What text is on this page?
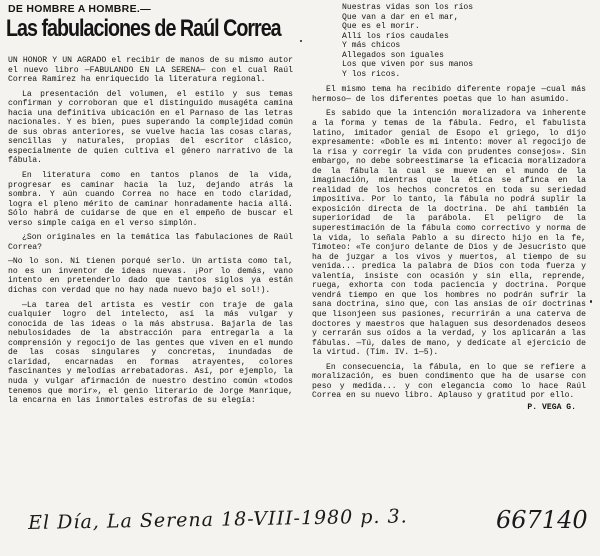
DE HOMBRE A HOMBRE.—
Las fabulaciones de Raúl Correa

UN HONOR Y UN AGRADO el recibir de manos de su mismo autor el nuevo libro —FABULANDO EN LA SERENA— con el cual Raúl Correa Ramírez ha enriquecido la literatura regional.

La presentación del volumen, el estilo y sus temas confirman y corroboran que el distinguido musagéta camina hacia una definitiva ubicación en el Parnaso de las letras nacionales. Y es bien, pues superando la complejidad común de sus obras anteriores, se vuelve hacia las cosas claras, sencillas y naturales, propias del escritor clásico, especialmente de quien cultiva el género narrativo de la fábula.

En literatura como en tantos planos de la vida, progresar es caminar hacia la luz, dejando atrás la sombra. Y aún cuando Correa no hace en todo claridad, logra el pleno mérito de caminar honradamente hacia allá. Sólo habrá de cuidarse de que en el empeño de buscar el verso simple caiga en el verso simplón.

¿Son originales en la temática las fabulaciones de Raúl Correa?

—No lo son. Ni tienen porqué serlo. Un artista como tal, no es un inventor de ideas nuevas. ¡Por lo demás, vano intento en pretenderlo dado que tantos siglos ya están dichas con verdad que no hay nada nuevo bajo el sol!).

—La tarea del artista es vestir con traje de gala cualquier logro del intelecto, así la más vulgar y conocida de las ideas o la más abstrusa. Bajarla de las nebulosidades de la abstracción para entregarla a la comprensión y regocijo de las gentes que viven en el mundo de las cosas singulares y concretas, inundadas de claridad, encarnadas en formas atrayentes, colores fascinantes y melodías arrebatadoras. Así, por ejemplo, la nuda y vulgar afirmación de nuestro destino común «todos tenemos que morir», el genio literario de Jorge Manrique, la encarna en las inmortales estrofas de su elegía:

Nuestras vidas son los ríos
Que van a dar en el mar,
Que es el morir.
Allí los ríos caudales
Y más chicos
Allegados son iguales
Los que viven por sus manos
Y los ricos.

El mismo tema ha recibido diferente ropaje —cual más hermoso— de los diferentes poetas que lo han asumido.

Es sabido que la intención moralizadora va inherente a la forma y temas de la fábula. Fedro, el fabulista latino, imitador genial de Esopo el griego, lo dijo expresamente: «Doble es mi intento: mover al regocijo de la risa y corregir la vida con prudentes consejos». Sin embargo, no debe sobreestimarse la eficacia moralizadora de la fábula la cual se mueve en el mundo de la imaginación, mientras que la ética se afinca en la realidad de los hechos concretos en toda su seriedad impositiva. Por lo tanto, la fábula no podrá suplir la exposición directa de la doctrina. De ahí también la superioridad de la parábola. El peligro de la superestimación de la fábula como correctivo y norma de la vida, lo señala Pablo a su directo hijo en la fe, Timoteo: «Te conjuro delante de Dios y de Jesucristo que ha de juzgar a los vivos y muertos, al tiempo de su venida... predica la palabra de Dios con toda fuerza y valentía, insiste con ocasión y sin ella, reprende, ruega, exhorta con toda paciencia y doctrina. Porque vendrá tiempo en que los hombres no podrán sufrir la sana doctrina, sino que, con las ansias de oír doctrinas que lisonjeen sus pasiones, recurrirán a una caterva de doctores y maestros que halaguen sus desordenados deseos y cerrarán sus oídos a la verdad, y los aplicarán a las fábulas. —Tú, dales de mano, y dedícate al ejercicio de la virtud. (Tim. IV. 1—5).

En consecuencia, la fábula, en lo que se refiere a moralización, es buen condimento que ha de usarse con peso y medida... y con elegancia como lo hace Raúl Correa en su nuevo libro. Aplauso y gratitud por ello.

P. VEGA G.
El Día, La Serena 18-VIII-1980 p. 3.	667140
